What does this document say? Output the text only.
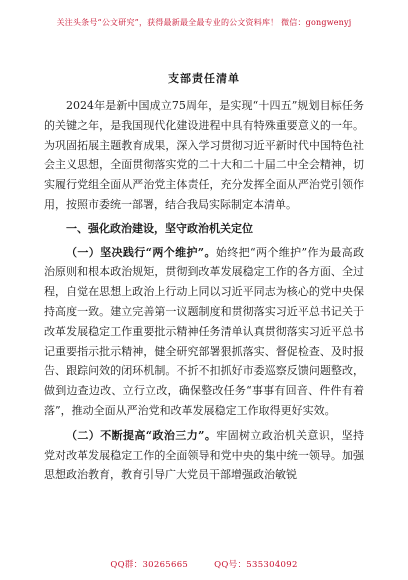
关注头条号“公文研究”，获得最新最全最专业的公文资料库！ 微信：gongwenyj
支部责任清单

2024年是新中国成立75周年，是实现“十四五”规划目标任务的关键之年，是我国现代化建设进程中具有特殊重要意义的一年。为巩固拓展主题教育成果，深入学习贯彻习近平新时代中国特色社会主义思想，全面贯彻落实党的二十大和二十届二中全会精神，切实履行党组全面从严治党主体责任，充分发挥全面从严治党引领作用，按照市委统一部署，结合我局实际制定本清单。

一、强化政治建设，坚守政治机关定位

（一）坚决践行“两个维护”。始终把“两个维护”作为最高政治原则和根本政治规矩，贯彻到改革发展稳定工作的各方面、全过程，自觉在思想上政治上行动上同以习近平同志为核心的党中央保持高度一致。建立完善第一议题制度和贯彻落实习近平总书记关于改革发展稳定工作重要批示精神任务清单认真贯彻落实习近平总书记重要指示批示精神，健全研究部署狠抓落实、督促检查、及时报告、跟踪问效的闭环机制。不折不扣抓好市委巡察反馈问题整改，做到边查边改、立行立改，确保整改任务“事事有回音、件件有着落”，推动全面从严治党和改革发展稳定工作取得更好实效。

（二）不断提高“政治三力”。牢固树立政治机关意识，坚持党对改革发展稳定工作的全面领导和党中央的集中统一领导。加强思想政治教育，教育引导广大党员干部增强政治敏锐

QQ群：30265665	QQ号：535304092
